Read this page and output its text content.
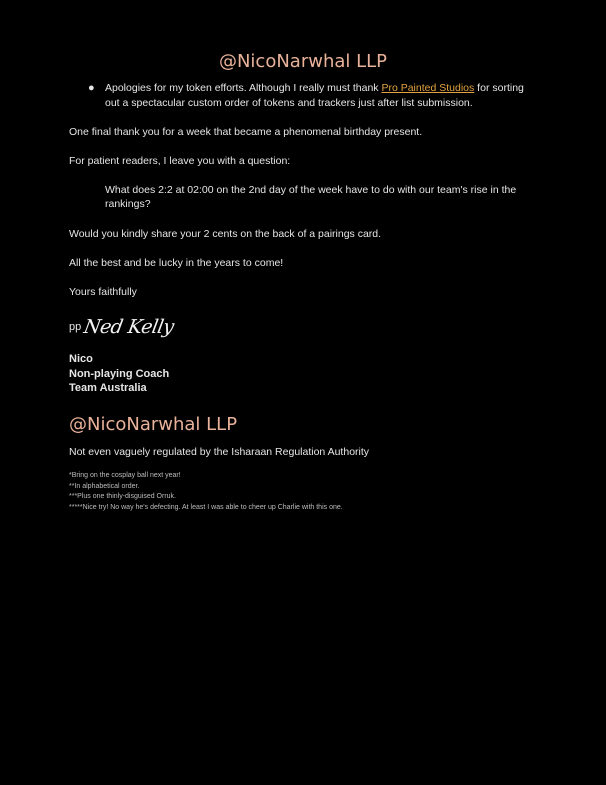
@NicoNarwhal LLP
● Apologies for my token efforts. Although I really must thank Pro Painted Studios for sorting out a spectacular custom order of tokens and trackers just after list submission.
One final thank you for a week that became a phenomenal birthday present.
For patient readers, I leave you with a question:
What does 2:2 at 02:00 on the 2nd day of the week have to do with our team's rise in the rankings?
Would you kindly share your 2 cents on the back of a pairings card.
All the best and be lucky in the years to come!
Yours faithfully
pp Ned Kelly
Nico
Non-playing Coach
Team Australia
@NicoNarwhal LLP
Not even vaguely regulated by the Isharaan Regulation Authority
*Bring on the cosplay ball next year!
**In alphabetical order.
***Plus one thinly-disguised Orruk.
*****Nice try! No way he's defecting. At least I was able to cheer up Charlie with this one.
